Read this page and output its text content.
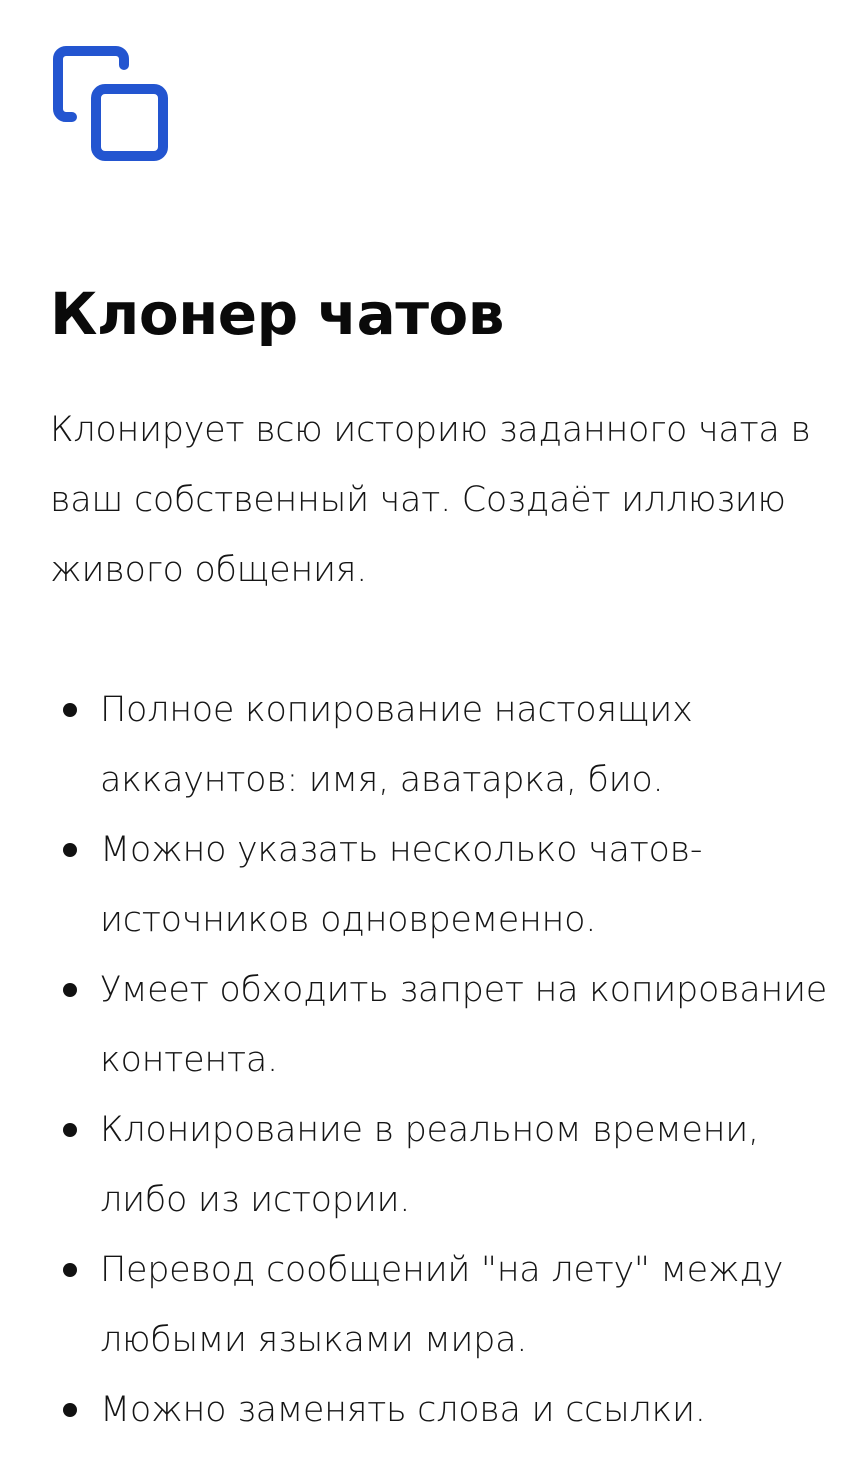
Клонер чатов

Клонирует всю историю заданного чата в ваш собственный чат. Создаёт иллюзию живого общения.

Полное копирование настоящих аккаунтов: имя, аватарка, био.
Можно указать несколько чатов-источников одновременно.
Умеет обходить запрет на копирование контента.
Клонирование в реальном времени, либо из истории.
Перевод сообщений "на лету" между любыми языками мира.
Можно заменять слова и ссылки.
